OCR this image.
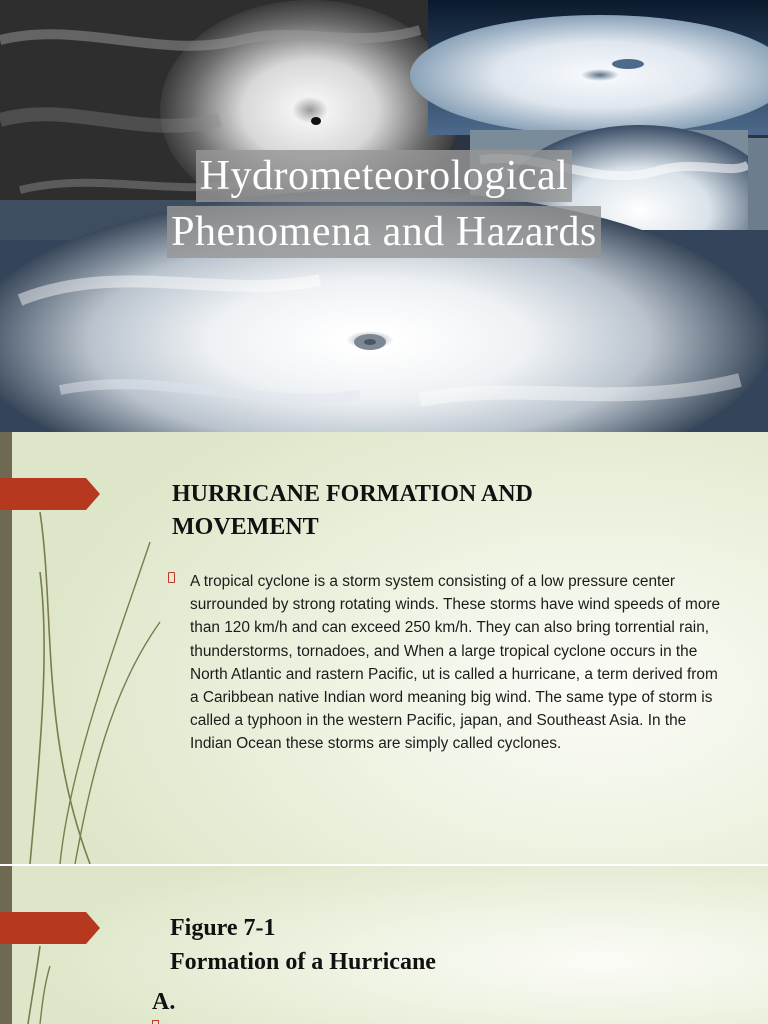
Hydrometeorological
Phenomena and Hazards
HURRICANE FORMATION AND MOVEMENT
A tropical cyclone is a storm system consisting of a low pressure center surrounded by strong rotating winds. These storms have wind speeds of more than 120 km/h and can exceed 250 km/h. They can also bring torrential rain, thunderstorms, tornadoes, and When a large tropical cyclone occurs in the North Atlantic and rastern Pacific, ut is called a hurricane, a term derived from a Caribbean native Indian word meaning big wind. The same type of storm is called a typhoon in the western Pacific, japan, and Southeast Asia. In the Indian Ocean these storms are simply called cyclones.
Figure 7-1
Formation of a Hurricane
A.
